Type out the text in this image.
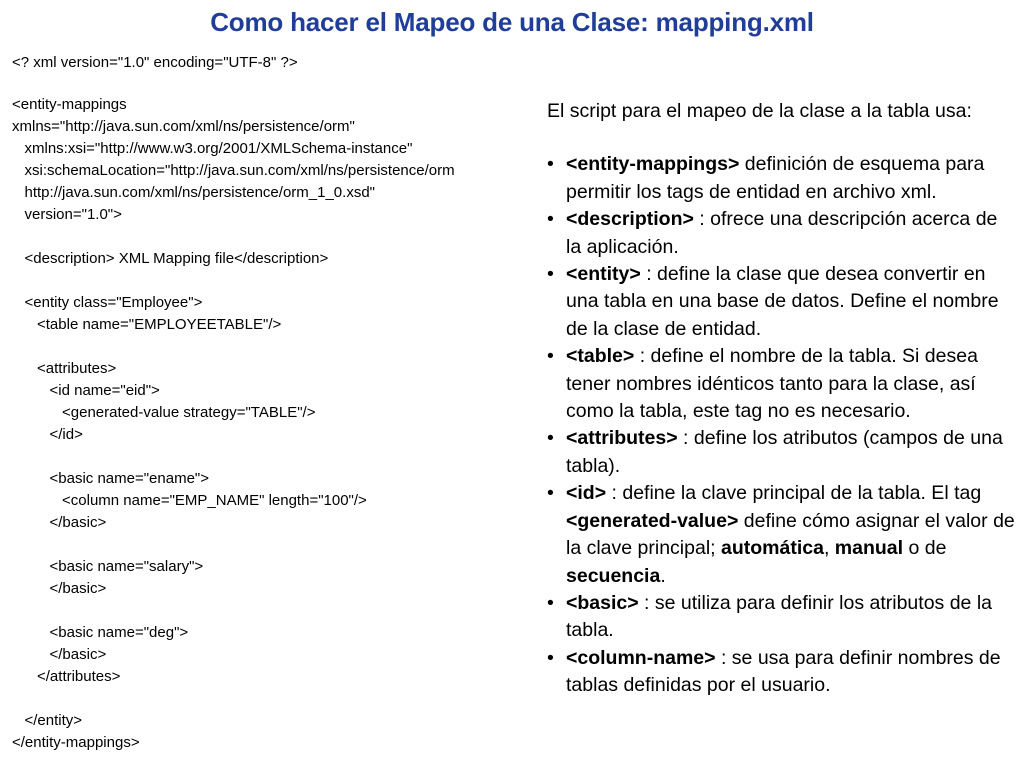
Como hacer el Mapeo de una Clase: mapping.xml
<? xml version="1.0" encoding="UTF-8" ?>
<entity-mappings
xmlns="http://java.sun.com/xml/ns/persistence/orm"
xmlns:xsi="http://www.w3.org/2001/XMLSchema-instance"
xsi:schemaLocation="http://java.sun.com/xml/ns/persistence/orm
http://java.sun.com/xml/ns/persistence/orm_1_0.xsd"
version="1.0">
<description> XML Mapping file</description>
<entity class="Employee">
<table name="EMPLOYEETABLE"/>
<attributes>
<id name="eid">
<generated-value strategy="TABLE"/>
</id>
<basic name="ename">
<column name="EMP_NAME" length="100"/>
</basic>
<basic name="salary">
</basic>
<basic name="deg">
</basic>
</attributes>
</entity>
</entity-mappings>

El script para el mapeo de la clase a la tabla usa:

• <entity-mappings> definición de esquema para permitir los tags de entidad en archivo xml.
• <description> : ofrece una descripción acerca de la aplicación.
• <entity> : define la clase que desea convertir en una tabla en una base de datos. Define el nombre de la clase de entidad.
• <table> : define el nombre de la tabla. Si desea tener nombres idénticos tanto para la clase, así como la tabla, este tag no es necesario.
• <attributes> : define los atributos (campos de una tabla).
• <id> : define la clave principal de la tabla. El tag <generated-value> define cómo asignar el valor de la clave principal; automática, manual o de secuencia.
• <basic> : se utiliza para definir los atributos de la tabla.
• <column-name> : se usa para definir nombres de tablas definidas por el usuario.
